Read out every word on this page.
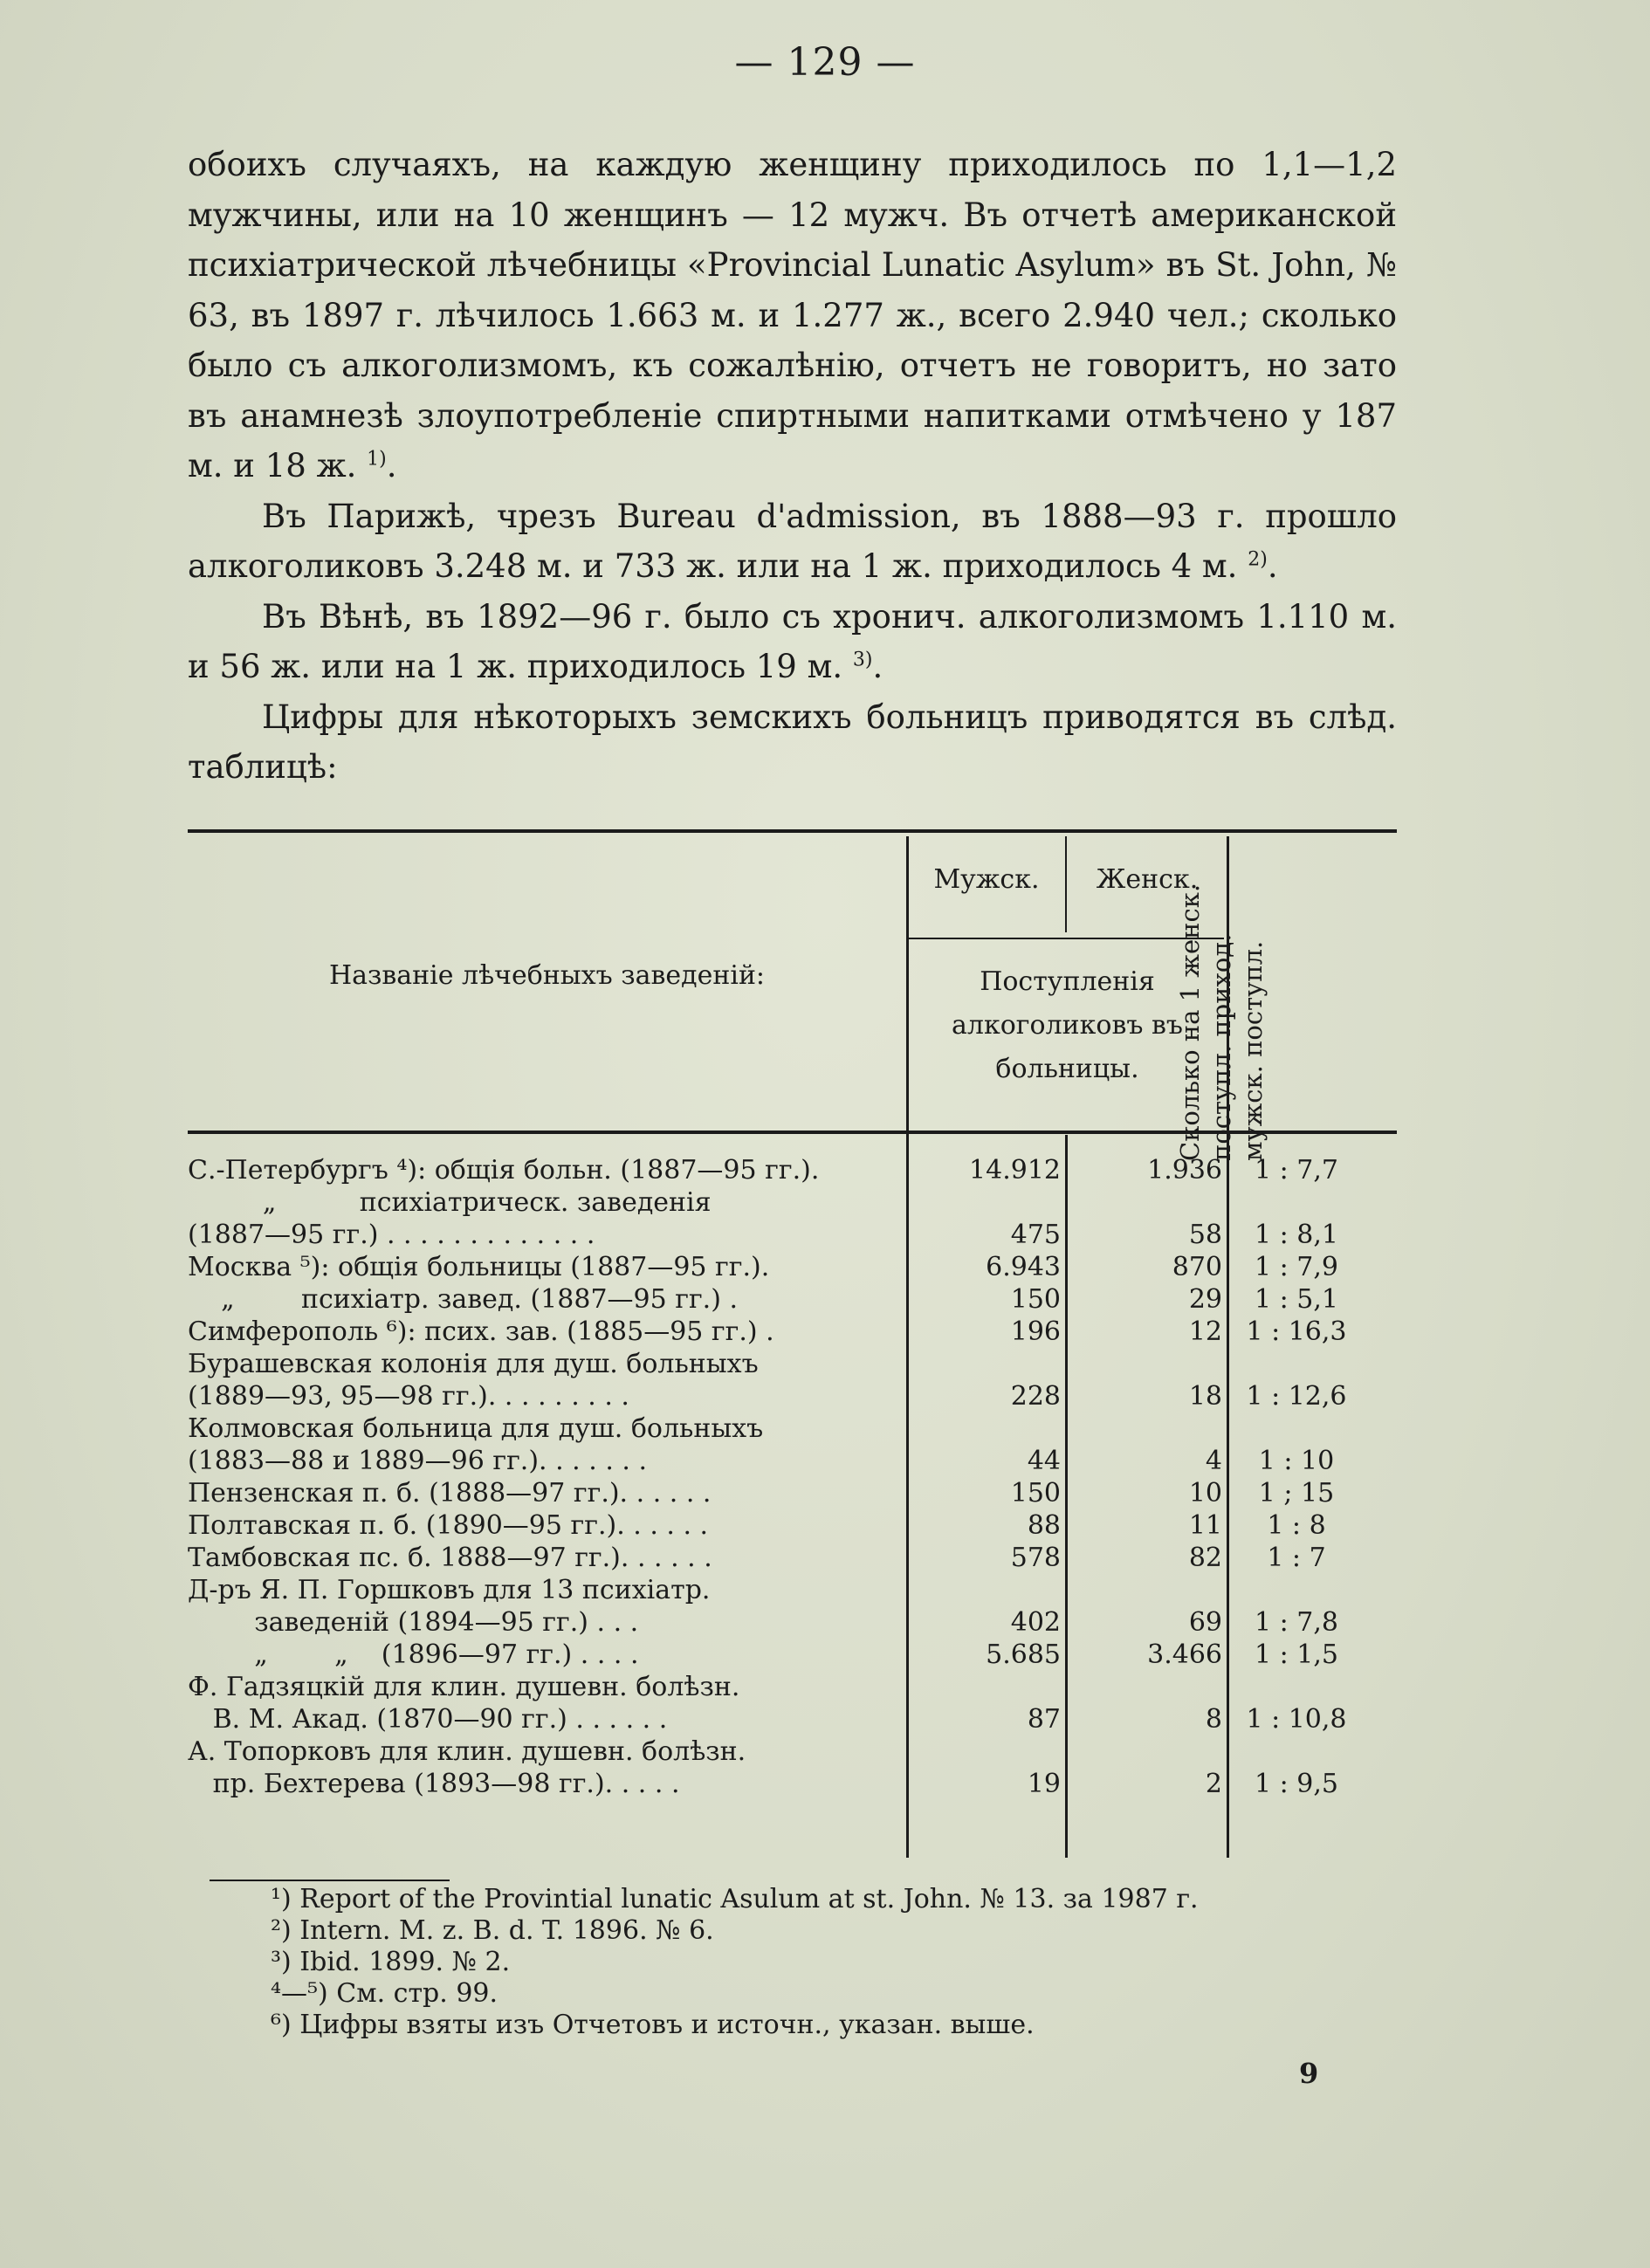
— 129 —

обоихъ случаяхъ, на каждую женщину приходилось по 1,1—1,2 мужчины, или на 10 женщинъ — 12 мужч. Въ отчетѣ американской психіатрической лѣчебницы «Provincial Lunatic Asylum» въ St. John, № 63, въ 1897 г. лѣчилось 1.663 м. и 1.277 ж., всего 2.940 чел.; сколько было съ алкоголизмомъ, къ сожалѣнію, отчетъ не говоритъ, но зато въ анамнезѣ злоупотребленіе спиртными напитками отмѣчено у 187 м. и 18 ж. $^{1)}$.

Въ Парижѣ, чрезъ Bureau d'admission, въ 1888—93 г. прошло алкоголиковъ 3.248 м. и 733 ж. или на 1 ж. приходилось 4 м. $^{2)}$.

Въ Вѣнѣ, въ 1892—96 г. было съ хронич. алкоголизмомъ 1.110 м. и 56 ж. или на 1 ж. приходилось 19 м. $^{3)}$.

Цифры для нѣкоторыхъ земскихъ больницъ приводятся въ слѣд. таблицѣ:

Названіе лѣчебныхъ заведеній:
Мужск.	Женск.
Поступленія алкоголиковъ въ больницы.	Сколько на 1 женск. поступл. приход. мужск. поступл.
С.-Петербургъ ⁴): общія больн. (1887—95 гг.).	14.912	1.936	1 : 7,7
„          психіатрическ. заведенія
(1887—95 гг.) . . . . . . . . . . . . .	475	58	1 : 8,1
Москва ⁵): общія больницы (1887—95 гг.).	6.943	870	1 : 7,9
„        психіатр. завед. (1887—95 гг.) .	150	29	1 : 5,1
Симферополь ⁶): псих. зав. (1885—95 гг.) .	196	12 1 : 16,3
Бурашевская колонія для душ. больныхъ
(1889—93, 95—98 гг.). . . . . . . . .	228	18 1 : 12,6
Колмовская больница для душ. больныхъ
(1883—88 и 1889—96 гг.). . . . . . .	44	4	1 : 10
Пензенская п. б. (1888—97 гг.). . . . . .	150	10	1 ; 15
Полтавская п. б. (1890—95 гг.). . . . . .	88	11	1 : 8
Тамбовская пс. б. 1888—97 гг.). . . . . .	578	82	1 : 7
Д-ръ Я. П. Горшковъ для 13 психіатр.
заведеній (1894—95 гг.) . . .	402	69	1 : 7,8
„        „    (1896—97 гг.) . . . .	5.685	3.466	1 : 1,5
Ф. Гадзяцкій для клин. душевн. болѣзн.
В. М. Акад. (1870—90 гг.) . . . . . .	87	8 1 : 10,8
А. Топорковъ для клин. душевн. болѣзн.
пр. Бехтерева (1893—98 гг.). . . . .	19	2	1 : 9,5
¹) Report of the Provintial lunatic Asulum at st. John. № 13. за 1987 г.
²) Intern. M. z. B. d. T. 1896. № 6.
³) Ibid. 1899. № 2.
⁴—⁵) См. стр. 99.
⁶) Цифры взяты изъ Отчетовъ и источн., указан. выше.
9
